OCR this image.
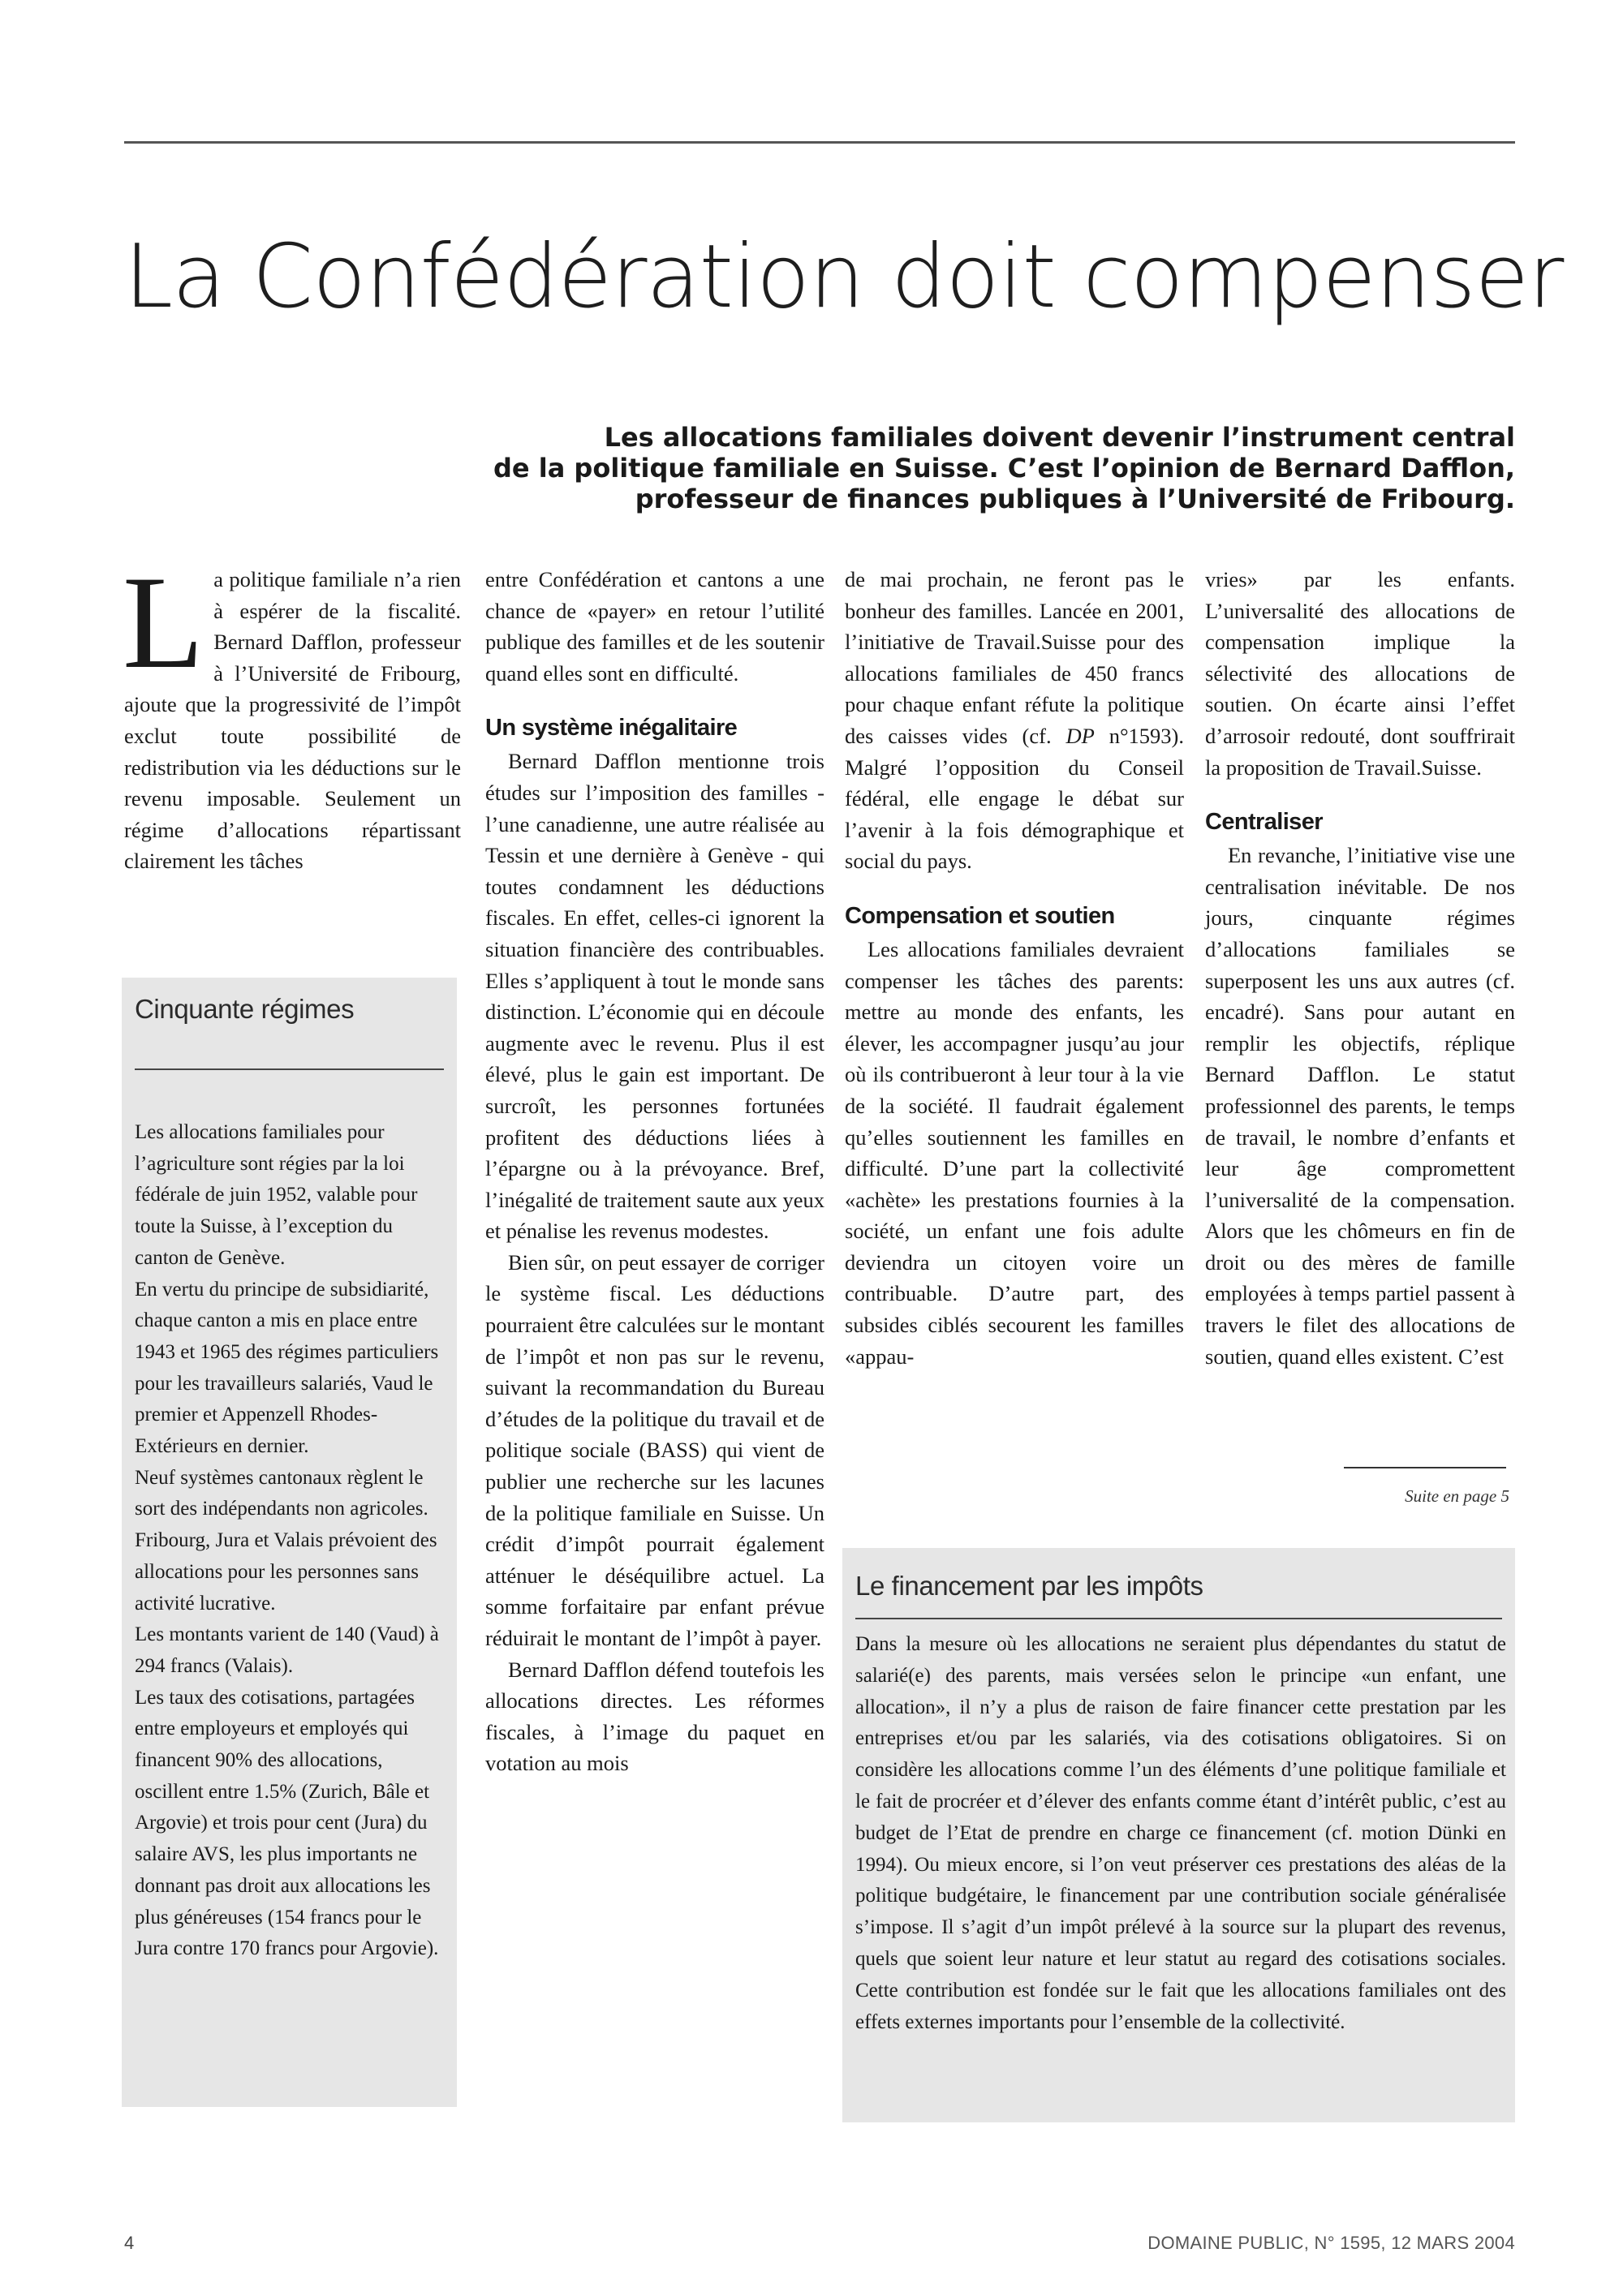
La Confédération doit compenser
Les allocations familiales doivent devenir l’instrument central
de la politique familiale en Suisse. C’est l’opinion de Bernard Dafflon,
professeur de finances publiques à l’Université de Fribourg.
L a politique familiale n’a rien à espérer de la fiscalité. Bernard Dafflon, professeur à l’Université de Fribourg, ajoute que la progressivité de l’impôt exclut toute possibilité de redistribution via les déductions sur le revenu imposable. Seulement un régime d’allocations répartissant clairement les tâches

Cinquante régimes

Les allocations familiales pour l’agriculture sont régies par la loi fédérale de juin 1952, valable pour toute la Suisse, à l’exception du canton de Genève.

En vertu du principe de subsidiarité, chaque canton a mis en place entre 1943 et 1965 des régimes particuliers pour les travailleurs salariés, Vaud le premier et Appenzell Rhodes-Extérieurs en dernier.

Neuf systèmes cantonaux règlent le sort des indépendants non agricoles. Fribourg, Jura et Valais prévoient des allocations pour les personnes sans activité lucrative.

Les montants varient de 140 (Vaud) à 294 francs (Valais).

Les taux des cotisations, partagées entre employeurs et employés qui financent 90% des allocations, oscillent entre 1.5% (Zurich, Bâle et Argovie) et trois pour cent (Jura) du salaire AVS, les plus importants ne donnant pas droit aux allocations les plus généreuses (154 francs pour le Jura contre 170 francs pour Argovie).

entre Confédération et cantons a une chance de «payer» en retour l’utilité publique des familles et de les soutenir quand elles sont en difficulté.

Un système inégalitaire

Bernard Dafflon mentionne trois études sur l’imposition des familles - l’une canadienne, une autre réalisée au Tessin et une dernière à Genève - qui toutes condamnent les déductions fiscales. En effet, celles-ci ignorent la situation financière des contribuables. Elles s’appliquent à tout le monde sans distinction. L’économie qui en découle augmente avec le revenu. Plus il est élevé, plus le gain est important. De surcroît, les personnes fortunées profitent des déductions liées à l’épargne ou à la prévoyance. Bref, l’inégalité de traitement saute aux yeux et pénalise les revenus modestes.

Bien sûr, on peut essayer de corriger le système fiscal. Les déductions pourraient être calculées sur le montant de l’impôt et non pas sur le revenu, suivant la recommandation du Bureau d’études de la politique du travail et de politique sociale (BASS) qui vient de publier une recherche sur les lacunes de la politique familiale en Suisse. Un crédit d’impôt pourrait également atténuer le déséquilibre actuel. La somme forfaitaire par enfant prévue réduirait le montant de l’impôt à payer.

Bernard Dafflon défend toutefois les allocations directes. Les réformes fiscales, à l’image du paquet en votation au mois

de mai prochain, ne feront pas le bonheur des familles. Lancée en 2001, l’initiative de Travail.Suisse pour des allocations familiales de 450 francs pour chaque enfant réfute la politique des caisses vides (cf. DP n°1593). Malgré l’opposition du Conseil fédéral, elle engage le débat sur l’avenir à la fois démographique et social du pays.

Compensation et soutien

Les allocations familiales devraient compenser les tâches des parents: mettre au monde des enfants, les élever, les accompagner jusqu’au jour où ils contribueront à leur tour à la vie de la société. Il faudrait également qu’elles soutiennent les familles en difficulté. D’une part la collectivité «achète» les prestations fournies à la société, un enfant une fois adulte deviendra un citoyen voire un contribuable. D’autre part, des subsides ciblés secourent les familles «appau-

vries» par les enfants. L’universalité des allocations de compensation implique la sélectivité des allocations de soutien. On écarte ainsi l’effet d’arrosoir redouté, dont souffrirait la proposition de Travail.Suisse.

Centraliser

En revanche, l’initiative vise une centralisation inévitable. De nos jours, cinquante régimes d’allocations familiales se superposent les uns aux autres (cf. encadré). Sans pour autant en remplir les objectifs, réplique Bernard Dafflon. Le statut professionnel des parents, le temps de travail, le nombre d’enfants et leur âge compromettent l’universalité de la compensation. Alors que les chômeurs en fin de droit ou des mères de famille employées à temps partiel passent à travers le filet des allocations de soutien, quand elles existent. C’est

Suite en page 5
Le financement par les impôts

Dans la mesure où les allocations ne seraient plus dépendantes du statut de salarié(e) des parents, mais versées selon le principe «un enfant, une allocation», il n’y a plus de raison de faire financer cette prestation par les entreprises et/ou par les salariés, via des cotisations obligatoires. Si on considère les allocations comme l’un des éléments d’une politique familiale et le fait de procréer et d’élever des enfants comme étant d’intérêt public, c’est au budget de l’Etat de prendre en charge ce financement (cf. motion Dünki en 1994). Ou mieux encore, si l’on veut préserver ces prestations des aléas de la politique budgétaire, le financement par une contribution sociale généralisée s’impose. Il s’agit d’un impôt prélevé à la source sur la plupart des revenus, quels que soient leur nature et leur statut au regard des cotisations sociales. Cette contribution est fondée sur le fait que les allocations familiales ont des effets externes importants pour l’ensemble de la collectivité.

4	DOMAINE PUBLIC, N° 1595, 12 MARS 2004
